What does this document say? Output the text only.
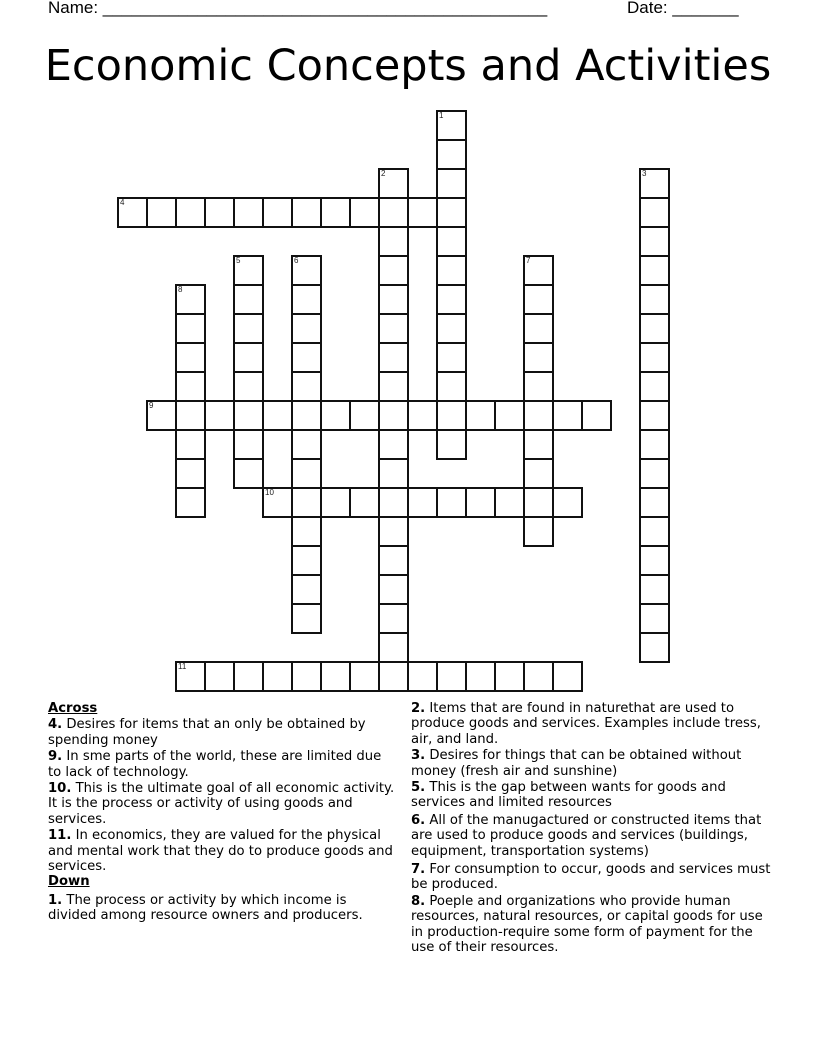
Name: _______________________________________________	Date: _______
Economic Concepts and Activities
1
2	3
4
5	6	7
8
9
10
11
Across
4. Desires for items that an only be obtained by spending money
9. In sme parts of the world, these are limited due to lack of technology.
10. This is the ultimate goal of all economic activity. It is the process or activity of using goods and services.
11. In economics, they are valued for the physical and mental work that they do to produce goods and services.
Down
1. The process or activity by which income is divided among resource owners and producers.
2. Items that are found in naturethat are used to produce goods and services. Examples include tress, air, and land.
3. Desires for things that can be obtained without money (fresh air and sunshine)
5. This is the gap between wants for goods and services and limited resources
6. All of the manugactured or constructed items that are used to produce goods and services (buildings, equipment, transportation systems)
7. For consumption to occur, goods and services must be produced.
8. Poeple and organizations who provide human resources, natural resources, or capital goods for use in production-require some form of payment for the use of their resources.
